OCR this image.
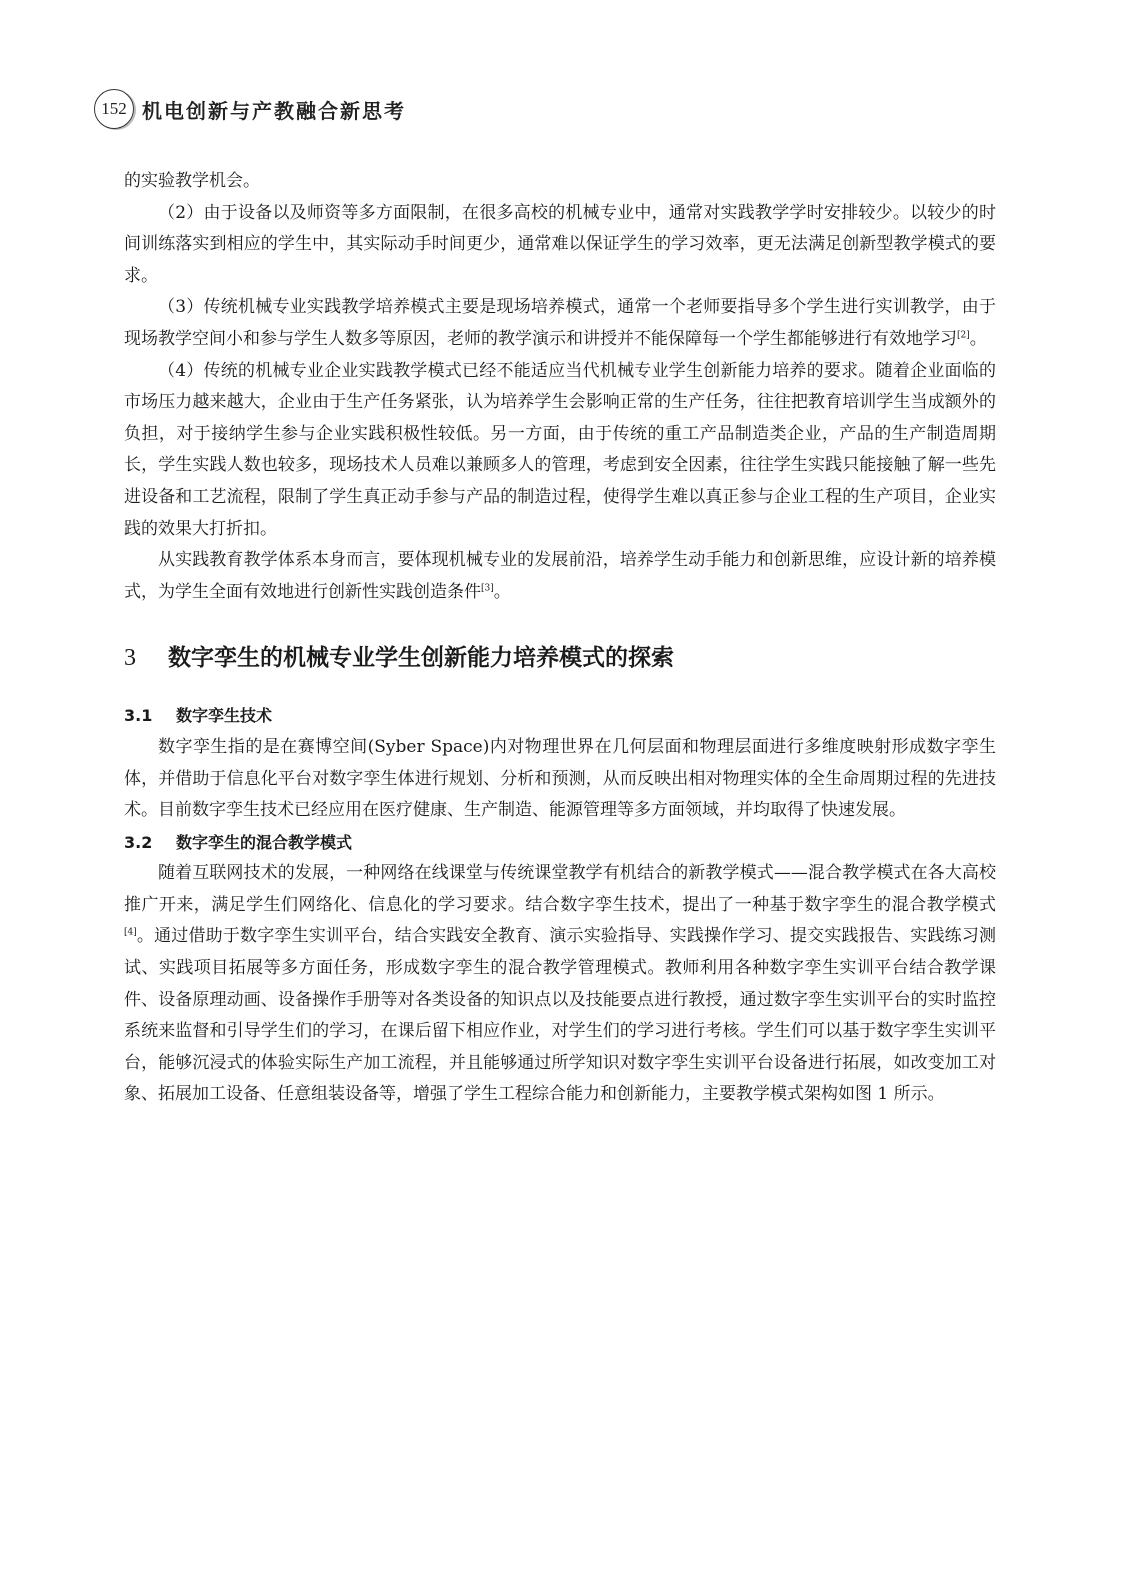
152 机电创新与产教融合新思考

的实验教学机会。

（2）由于设备以及师资等多方面限制，在很多高校的机械专业中，通常对实践教学学时安排较少。以较少的时间训练落实到相应的学生中，其实际动手时间更少，通常难以保证学生的学习效率，更无法满足创新型教学模式的要求。

（3）传统机械专业实践教学培养模式主要是现场培养模式，通常一个老师要指导多个学生进行实训教学，由于现场教学空间小和参与学生人数多等原因，老师的教学演示和讲授并不能保障每一个学生都能够进行有效地学习[2]。

（4）传统的机械专业企业实践教学模式已经不能适应当代机械专业学生创新能力培养的要求。随着企业面临的市场压力越来越大，企业由于生产任务紧张，认为培养学生会影响正常的生产任务，往往把教育培训学生当成额外的负担，对于接纳学生参与企业实践积极性较低。另一方面，由于传统的重工产品制造类企业，产品的生产制造周期长，学生实践人数也较多，现场技术人员难以兼顾多人的管理，考虑到安全因素，往往学生实践只能接触了解一些先进设备和工艺流程，限制了学生真正动手参与产品的制造过程，使得学生难以真正参与企业工程的生产项目，企业实践的效果大打折扣。

从实践教育教学体系本身而言，要体现机械专业的发展前沿，培养学生动手能力和创新思维，应设计新的培养模式，为学生全面有效地进行创新性实践创造条件[3]。

3	数字孪生的机械专业学生创新能力培养模式的探索
3.1	数字孪生技术

数字孪生指的是在赛博空间(Syber Space)内对物理世界在几何层面和物理层面进行多维度映射形成数字孪生体，并借助于信息化平台对数字孪生体进行规划、分析和预测，从而反映出相对物理实体的全生命周期过程的先进技术。目前数字孪生技术已经应用在医疗健康、生产制造、能源管理等多方面领域，并均取得了快速发展。

3.2	数字孪生的混合教学模式

随着互联网技术的发展，一种网络在线课堂与传统课堂教学有机结合的新教学模式——混合教学模式在各大高校推广开来，满足学生们网络化、信息化的学习要求。结合数字孪生技术，提出了一种基于数字孪生的混合教学模式[4]。通过借助于数字孪生实训平台，结合实践安全教育、演示实验指导、实践操作学习、提交实践报告、实践练习测试、实践项目拓展等多方面任务，形成数字孪生的混合教学管理模式。教师利用各种数字孪生实训平台结合教学课件、设备原理动画、设备操作手册等对各类设备的知识点以及技能要点进行教授，通过数字孪生实训平台的实时监控系统来监督和引导学生们的学习，在课后留下相应作业，对学生们的学习进行考核。学生们可以基于数字孪生实训平台，能够沉浸式的体验实际生产加工流程，并且能够通过所学知识对数字孪生实训平台设备进行拓展，如改变加工对象、拓展加工设备、任意组装设备等，增强了学生工程综合能力和创新能力，主要教学模式架构如图 1 所示。
